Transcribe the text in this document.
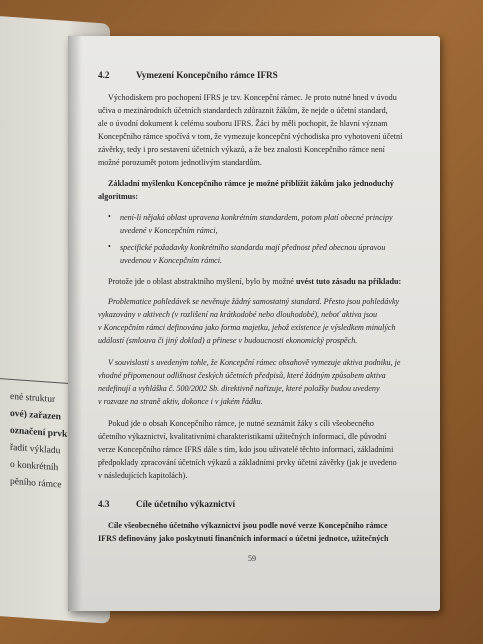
ené struktur
ové) zařazen
označení prvk
řadit výkladu
o konkrétníh
pěního rámce
4.2	Vymezení Koncepčního rámce IFRS
Východiskem pro pochopení IFRS je tzv. Koncepční rámec. Je proto nutné hned v úvodu
učiva o mezinárodních účetních standardech zdůraznit žákům, že nejde o účetní standard,
ale o úvodní dokument k celému souboru IFRS. Žáci by měli pochopit, že hlavní význam
Koncepčního rámce spočívá v tom, že vymezuje koncepční východiska pro vyhotovení účetní
závěrky, tedy i pro sestavení účetních výkazů, a že bez znalosti Koncepčního rámce není
možné porozumět potom jednotlivým standardům.
Základní myšlenku Koncepčního rámce je možné přiblížit žákům jako jednoduchý
algoritmus:
• není-li nějaká oblast upravena konkrétním standardem, potom platí obecné principy
uvedené v Koncepčním rámci,
• specifické požadavky konkrétního standardu mají přednost před obecnou úpravou
uvedenou v Koncepčním rámci.
Protože jde o oblast abstraktního myšlení, bylo by možné uvést tuto zásadu na příkladu:
Problematice pohledávek se nevěnuje žádný samostatný standard. Přesto jsou pohledávky
vykazovány v aktivech (v rozlišení na krátkodobé nebo dlouhodobé), neboť aktiva jsou
v Koncepčním rámci definována jako forma majetku, jehož existence je výsledkem minulých
událostí (smlouva či jiný doklad) a přinese v budoucnosti ekonomický prospěch.
V souvislosti s uvedeným tohle, že Koncepční rámec obsahově vymezuje aktiva podniku, je
vhodné připomenout odlišnost českých účetních předpisů, které žádným způsobem aktiva
nedefinují a vyhláška č. 500/2002 Sb. direktivně nařizuje, které položky budou uvedeny
v rozvaze na straně aktiv, dokonce i v jakém řádku.
Pokud jde o obsah Koncepčního rámce, je nutné seznámit žáky s cíli všeobecného
účetního výkaznictví, kvalitativními charakteristikami užitečných informací, dle původní
verze Koncepčního rámce IFRS dále s tím, kdo jsou uživatelé těchto informací, základními
předpoklady zpracování účetních výkazů a základními prvky účetní závěrky (jak je uvedeno
v následujících kapitolách).
4.3	Cíle účetního výkaznictví
Cíle všeobecného účetního výkaznictví jsou podle nové verze Koncepčního rámce
IFRS definovány jako poskytnutí finančních informací o účetní jednotce, užitečných
59
